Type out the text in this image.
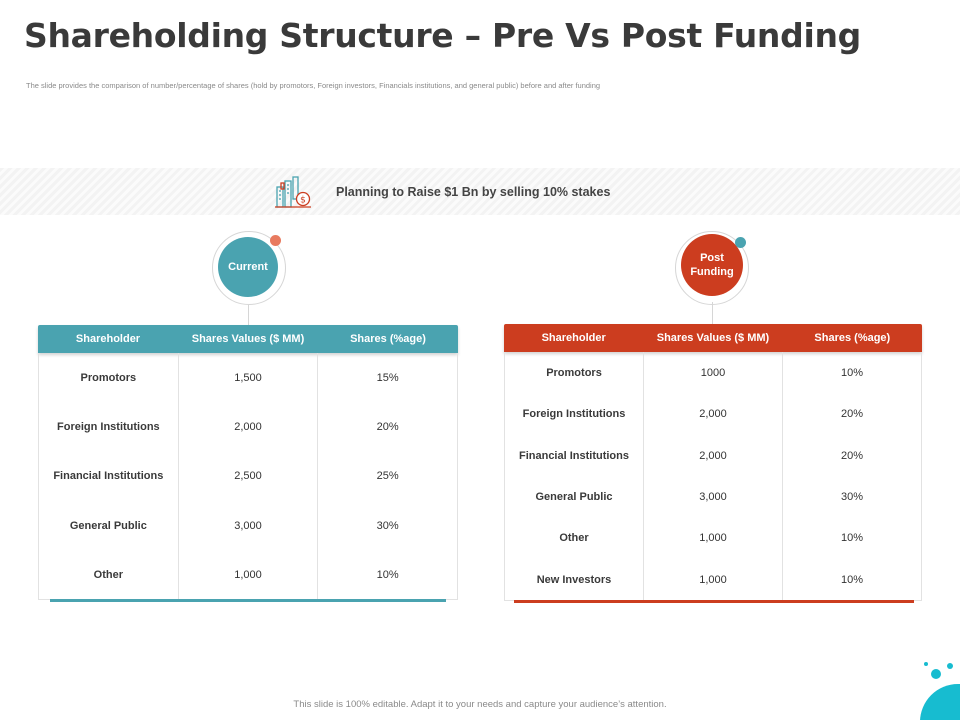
Shareholding Structure – Pre Vs Post Funding

The slide provides the comparison of number/percentage of shares (hold by promotors, Foreign investors, Financials institutions, and general public) before and after funding

$

Planning to Raise $1 Bn by selling 10% stakes

Current
Post
Funding
Shareholder	Shares Values ($ MM)	Shares (%age)
Promotors	1,500	15%
Foreign Institutions	2,000	20%
Financial Institutions	2,500	25%
General Public	3,000	30%
Other	1,000	10%
Shareholder	Shares Values ($ MM)	Shares (%age)
Promotors	1000	10%
Foreign Institutions	2,000	20%
Financial Institutions	2,000	20%
General Public	3,000	30%
Other	1,000	10%
New Investors	1,000	10%

This slide is 100% editable. Adapt it to your needs and capture your audience’s attention.
